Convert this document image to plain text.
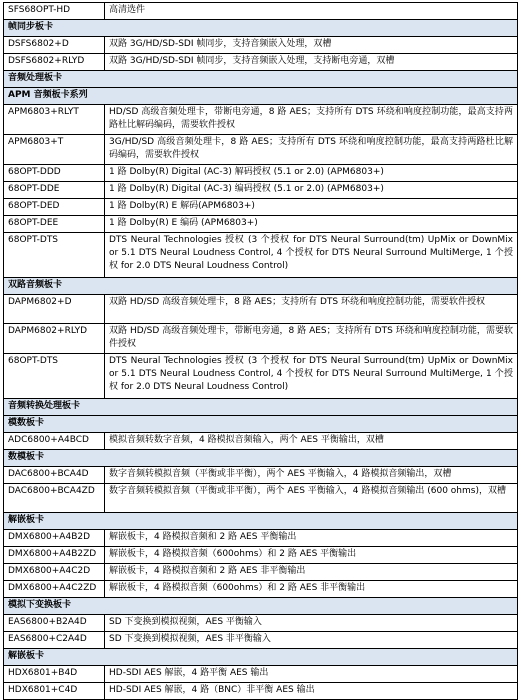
SFS68OPT-HD	高清选件
帧同步板卡	
DSFS6802+D	双路 3G/HD/SD-SDI 帧同步，支持音频嵌入处理，双槽
DSFS6802+RLYD	双路 3G/HD/SD-SDI 帧同步，支持音频嵌入处理，支持断电旁通，双槽
音频处理板卡	
APM 音频板卡系列	
APM6803+RLYT	HD/SD 高级音频处理卡，带断电旁通，8 路 AES；支持所有 DTS 环绕和响度控制功能，最高支持两路杜比解码编码，需要软件授权
APM6803+T	3G/HD/SD 高级音频处理卡，8 路 AES；支持所有 DTS 环绕和响度控制功能，最高支持两路杜比解码编码，需要软件授权
68OPT-DDD	1 路 Dolby(R) Digital (AC-3) 解码授权 (5.1 or 2.0) (APM6803+)
68OPT-DDE	1 路 Dolby(R) Digital (AC-3) 编码授权 (5.1 or 2.0) (APM6803+)
68OPT-DED	1 路 Dolby(R) E 解码(APM6803+)
68OPT-DEE	1 路 Dolby(R) E 编码 (APM6803+)
68OPT-DTS	DTS Neural Technologies 授权 (3 个授权 for DTS Neural Surround(tm) UpMix or DownMix or 5.1 DTS Neural Loudness Control, 4 个授权 for DTS Neural Surround MultiMerge, 1 个授权 for 2.0 DTS Neural Loudness Control)
双路音频板卡	
DAPM6802+D	双路 HD/SD 高级音频处理卡，8 路 AES；支持所有 DTS 环绕和响度控制功能，需要软件授权
DAPM6802+RLYD	双路 HD/SD 高级音频处理卡，带断电旁通，8 路 AES；支持所有 DTS 环绕和响度控制功能，需要软件授权
68OPT-DTS	DTS Neural Technologies 授权 (3 个授权 for DTS Neural Surround(tm) UpMix or DownMix or 5.1 DTS Neural Loudness Control, 4 个授权 for DTS Neural Surround MultiMerge, 1 个授权 for 2.0 DTS Neural Loudness Control)
音频转换处理板卡	
模数板卡	
ADC6800+A4BCD	模拟音频转数字音频，4 路模拟音频输入，两个 AES 平衡输出，双槽
数模板卡	
DAC6800+BCA4D	数字音频转模拟音频（平衡或非平衡），两个 AES 平衡输入，4 路模拟音频输出，双槽
DAC6800+BCA4ZD	数字音频转模拟音频（平衡或非平衡），两个 AES 平衡输入，4 路模拟音频输出 (600 ohms)，双槽
解嵌板卡	
DMX6800+A4B2D	解嵌板卡，4 路模拟音频和 2 路 AES 平衡输出
DMX6800+A4B2ZD	解嵌板卡，4 路模拟音频（600ohms）和 2 路 AES 平衡输出
DMX6800+A4C2D	解嵌板卡，4 路模拟音频和 2 路 AES 非平衡输出
DMX6800+A4C2ZD	解嵌板卡，4 路模拟音频（600ohms）和 2 路 AES 非平衡输出
模拟下变换板卡	
EAS6800+B2A4D	SD 下变换到模拟视频，AES 平衡输入
EAS6800+C2A4D	SD 下变换到模拟视频，AES 非平衡输入
解嵌板卡	
HDX6801+B4D	HD-SDI AES 解嵌，4 路平衡 AES 输出
HDX6801+C4D	HD-SDI AES 解嵌，4 路（BNC）非平衡 AES 输出
